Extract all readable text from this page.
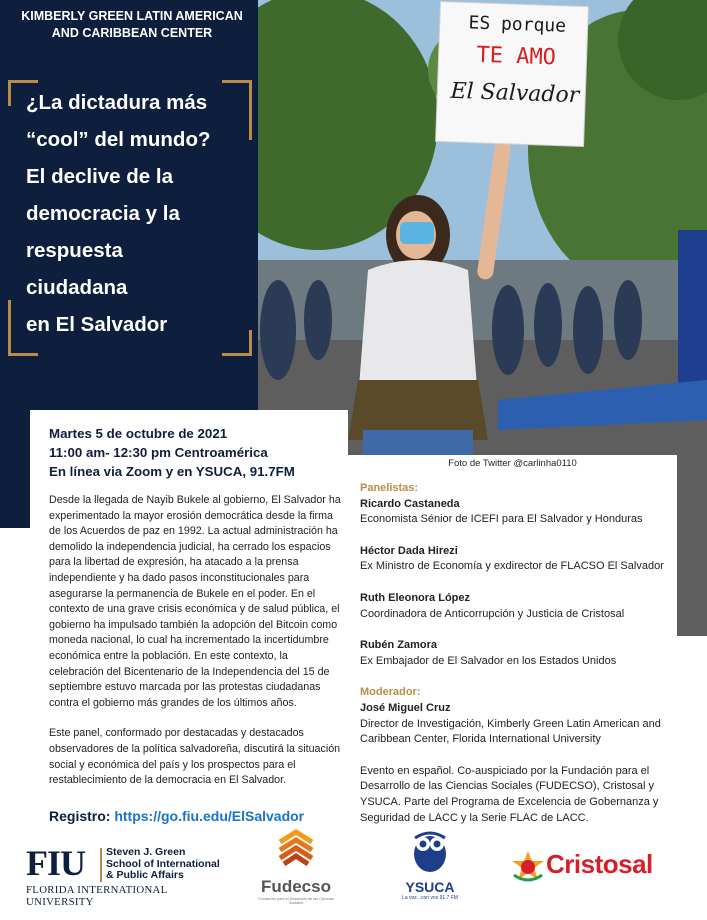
ES porque
TE AMO
El Salvador
KIMBERLY GREEN LATIN AMERICAN AND CARIBBEAN CENTER
¿La dictadura más
“cool” del mundo?
El declive de la
democracia y la
respuesta
ciudadana
en El Salvador
Martes 5 de octubre de 2021
11:00 am- 12:30 pm Centroamérica
En línea via Zoom y en YSUCA, 91.7FM

Desde la llegada de Nayib Bukele al gobierno, El Salvador ha experimentado la mayor erosión democrática desde la firma de los Acuerdos de paz en 1992. La actual administración ha demolido la independencia judicial, ha cerrado los espacios para la libertad de expresión, ha atacado a la prensa independiente y ha dado pasos inconstitucionales para asegurarse la permanencia de Bukele en el poder. En el contexto de una grave crisis económica y de salud pública, el gobierno ha impulsado también la adopción del Bitcoin como moneda nacional, lo cual ha incrementado la incertidumbre económica entre la población. En este contexto, la celebración del Bicentenario de la Independencia del 15 de septiembre estuvo marcada por las protestas ciudadanas contra el gobierno más grandes de los últimos años.

Este panel, conformado por destacadas y destacados observadores de la política salvadoreña, discutirá la situación social y económica del país y los prospectos para el restablecimiento de la democracia en El Salvador.

Registro: https://go.fiu.edu/ElSalvador
Foto de Twitter @carlinha0110
Panelistas:
Ricardo Castaneda
Economista Sénior de ICEFI para El Salvador y Honduras
Héctor Dada Hirezi
Ex Ministro de Economía y exdirector de FLACSO El Salvador
Ruth Eleonora López
Coordinadora de Anticorrupción y Justicia de Cristosal
Rubén Zamora
Ex Embajador de El Salvador en los Estados Unidos
Moderador:
José Miguel Cruz
Director de Investigación, Kimberly Green Latin American and Caribbean Center, Florida International University
Evento en español. Co-auspiciado por la Fundación para el Desarrollo de las Ciencias Sociales (FUDECSO), Cristosal y YSUCA. Parte del Programa de Excelencia de Gobernanza y Seguridad de LACC y la Serie FLAC de LACC.
FIU Steven J. Green
School of International
& Public Affairs
FLORIDA INTERNATIONAL UNIVERSITY
Fudecso
Fundación para el Desarrollo de las Ciencias Sociales
YSUCA
La voz...con vos 91.7 FM
Cristosal
